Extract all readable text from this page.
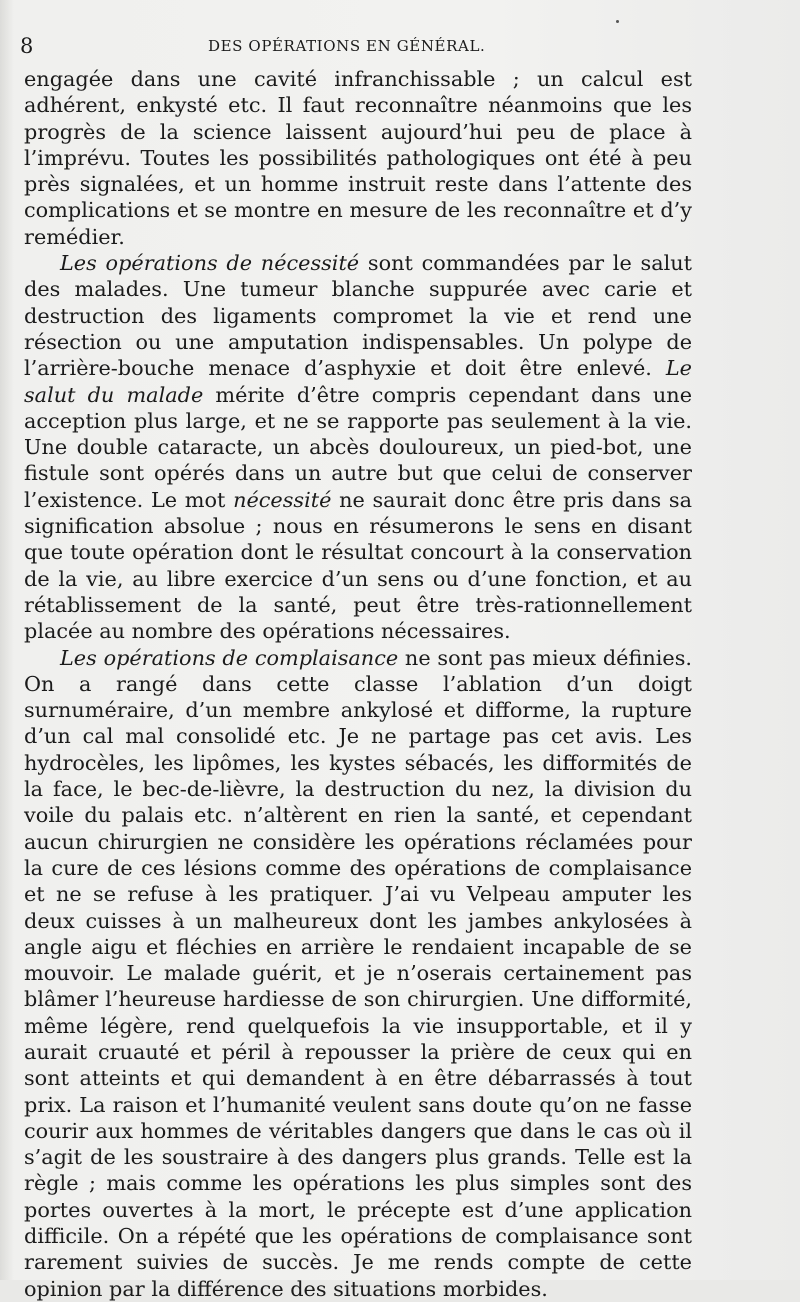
8	DES OPÉRATIONS EN GÉNÉRAL.

engagée dans une cavité infranchissable ; un calcul est adhérent, enkysté etc. Il faut reconnaître néanmoins que les progrès de la science laissent aujourd’hui peu de place à l’imprévu. Toutes les possibilités pathologiques ont été à peu près signalées, et un homme instruit reste dans l’attente des complications et se montre en mesure de les reconnaître et d’y remédier.

Les opérations de nécessité sont commandées par le salut des malades. Une tumeur blanche suppurée avec carie et destruction des ligaments compromet la vie et rend une résection ou une amputation indispensables. Un polype de l’arrière-bouche menace d’asphyxie et doit être enlevé. Le salut du malade mérite d’être compris cependant dans une acception plus large, et ne se rapporte pas seulement à la vie. Une double cataracte, un abcès douloureux, un pied-bot, une fistule sont opérés dans un autre but que celui de conserver l’existence. Le mot nécessité ne saurait donc être pris dans sa signification absolue ; nous en résumerons le sens en disant que toute opération dont le résultat concourt à la conservation de la vie, au libre exercice d’un sens ou d’une fonction, et au rétablissement de la santé, peut être très-rationnellement placée au nombre des opérations nécessaires.

Les opérations de complaisance ne sont pas mieux définies. On a rangé dans cette classe l’ablation d’un doigt surnuméraire, d’un membre ankylosé et difforme, la rupture d’un cal mal consolidé etc. Je ne partage pas cet avis. Les hydrocèles, les lipômes, les kystes sébacés, les difformités de la face, le bec-de-lièvre, la destruction du nez, la division du voile du palais etc. n’altèrent en rien la santé, et cependant aucun chirurgien ne considère les opérations réclamées pour la cure de ces lésions comme des opérations de complaisance et ne se refuse à les pratiquer. J’ai vu Velpeau amputer les deux cuisses à un malheureux dont les jambes ankylosées à angle aigu et fléchies en arrière le rendaient incapable de se mouvoir. Le malade guérit, et je n’oserais certainement pas blâmer l’heureuse hardiesse de son chirurgien. Une difformité, même légère, rend quelquefois la vie insupportable, et il y aurait cruauté et péril à repousser la prière de ceux qui en sont atteints et qui demandent à en être débarrassés à tout prix. La raison et l’humanité veulent sans doute qu’on ne fasse courir aux hommes de véritables dangers que dans le cas où il s’agit de les soustraire à des dangers plus grands. Telle est la règle ; mais comme les opérations les plus simples sont des portes ouvertes à la mort, le précepte est d’une application difficile. On a répété que les opérations de complaisance sont rarement suivies de succès. Je me rends compte de cette opinion par la différence des situations morbides.
